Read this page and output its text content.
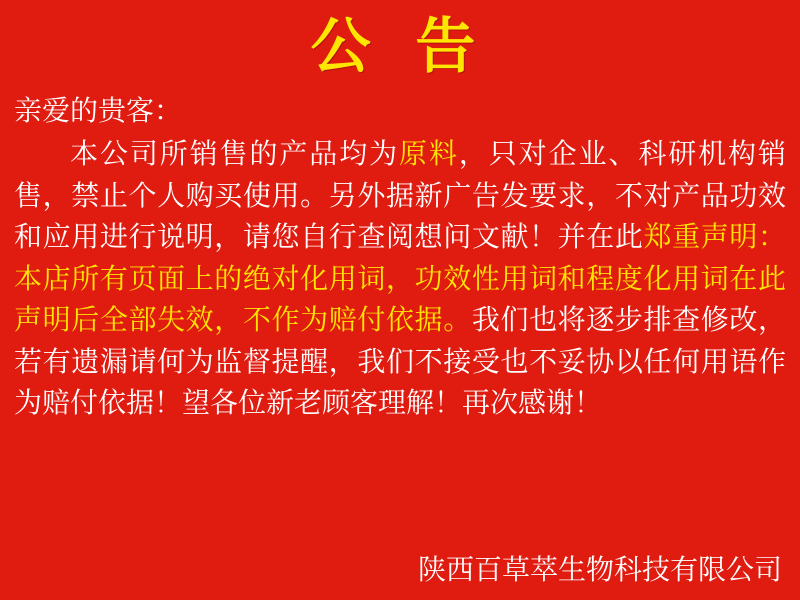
公 告
亲爱的贵客：
本公司所销售的产品均为原料，只对企业、科研机构销售，禁止个人购买使用。另外据新广告发要求，不对产品功效和应用进行说明，请您自行查阅想问文献！并在此郑重声明：本店所有页面上的绝对化用词，功效性用词和程度化用词在此声明后全部失效，不作为赔付依据。我们也将逐步排查修改，若有遗漏请何为监督提醒，我们不接受也不妥协以任何用语作为赔付依据！望各位新老顾客理解！再次感谢！
陕西百草萃生物科技有限公司
